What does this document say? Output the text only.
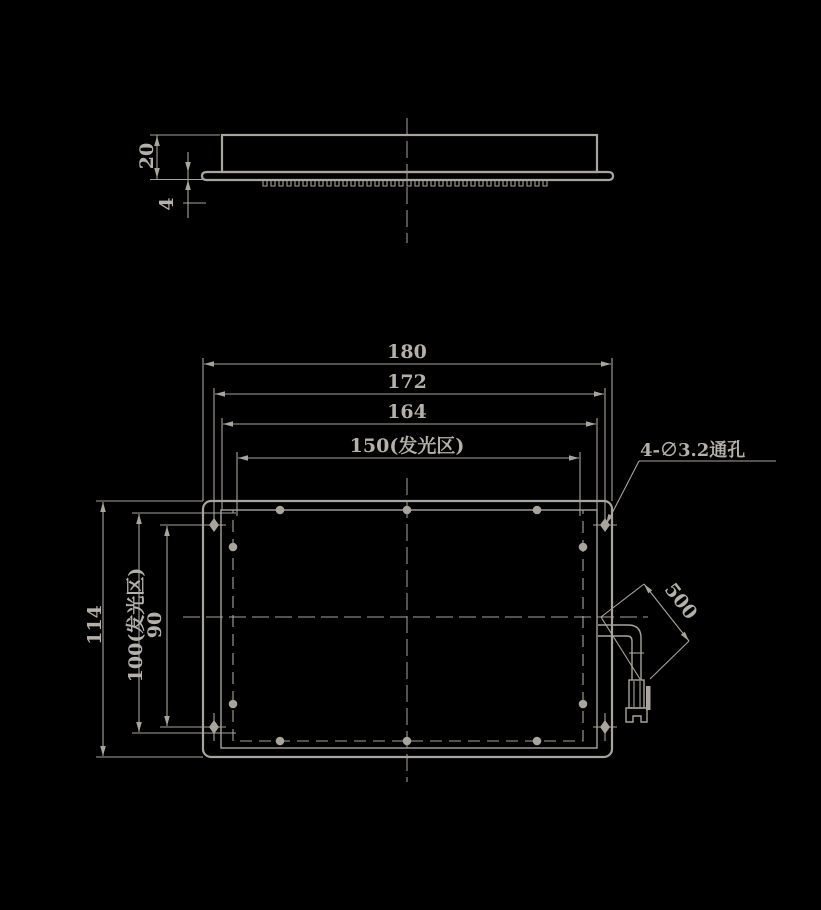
20
4
180
172
164
150(发光区)
114 100(发光区)
90
4-∅3.2通孔
500
